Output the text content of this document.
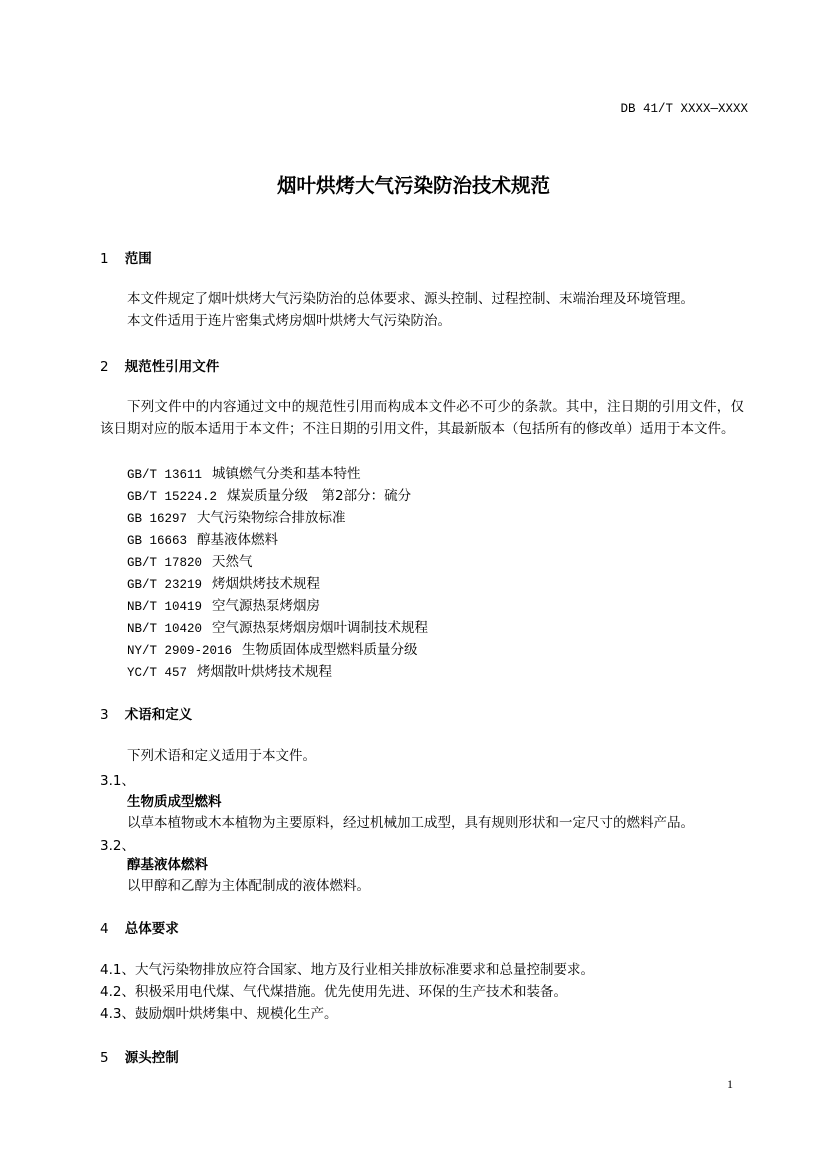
DB 41/T XXXX—XXXX
烟叶烘烤大气污染防治技术规范
1 范围
本文件规定了烟叶烘烤大气污染防治的总体要求、源头控制、过程控制、末端治理及环境管理。
本文件适用于连片密集式烤房烟叶烘烤大气污染防治。
2 规范性引用文件
下列文件中的内容通过文中的规范性引用而构成本文件必不可少的条款。其中，注日期的引用文件，仅该日期对应的版本适用于本文件；不注日期的引用文件，其最新版本（包括所有的修改单）适用于本文件。
GB/T 13611 城镇燃气分类和基本特性
GB/T 15224.2 煤炭质量分级　第2部分：硫分
GB 16297 大气污染物综合排放标准
GB 16663 醇基液体燃料
GB/T 17820 天然气
GB/T 23219 烤烟烘烤技术规程
NB/T 10419 空气源热泵烤烟房
NB/T 10420 空气源热泵烤烟房烟叶调制技术规程
NY/T 2909-2016 生物质固体成型燃料质量分级
YC/T 457 烤烟散叶烘烤技术规程
3 术语和定义
下列术语和定义适用于本文件。
3.1、
生物质成型燃料
以草本植物或木本植物为主要原料，经过机械加工成型，具有规则形状和一定尺寸的燃料产品。
3.2、
醇基液体燃料
以甲醇和乙醇为主体配制成的液体燃料。
4 总体要求
4.1、大气污染物排放应符合国家、地方及行业相关排放标准要求和总量控制要求。
4.2、积极采用电代煤、气代煤措施。优先使用先进、环保的生产技术和装备。
4.3、鼓励烟叶烘烤集中、规模化生产。
5 源头控制
1
